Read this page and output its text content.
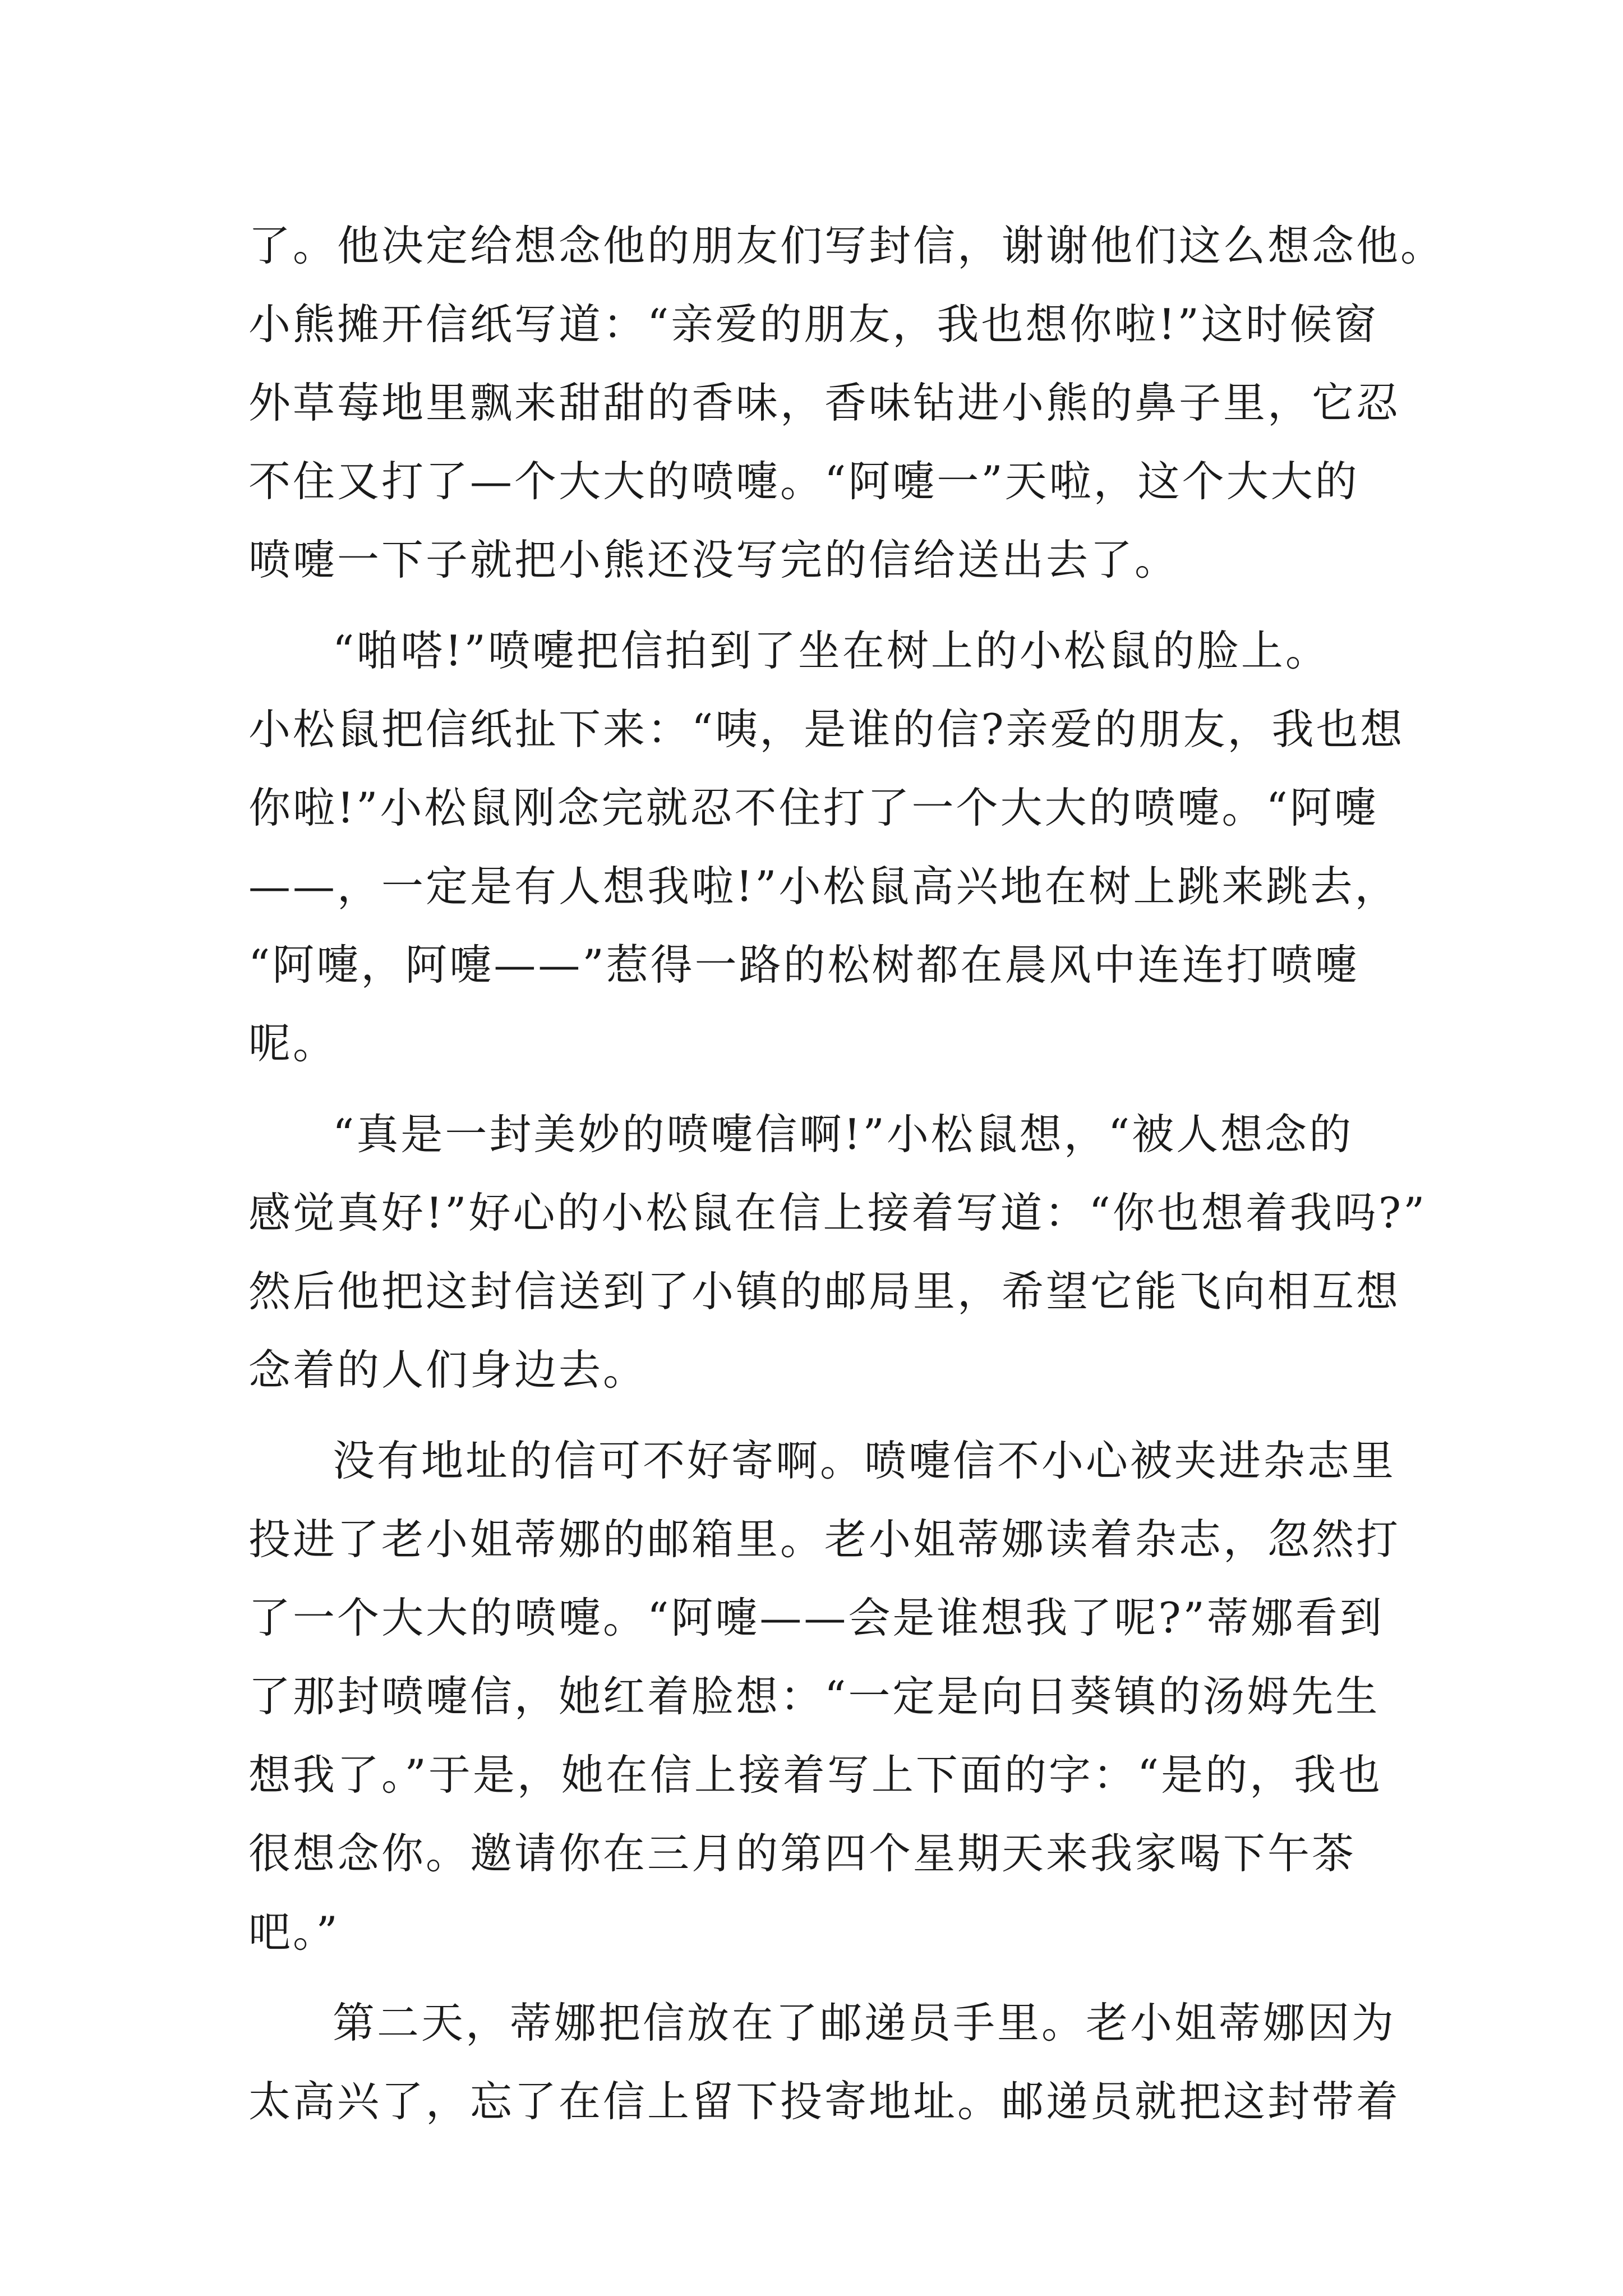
了。他决定给想念他的朋友们写封信，谢谢他们这么想念他。
小熊摊开信纸写道：“亲爱的朋友，我也想你啦!”这时候窗
外草莓地里飘来甜甜的香味，香味钻进小熊的鼻子里，它忍
不住又打了—个大大的喷嚏。“阿嚏一”天啦，这个大大的
喷嚏一下子就把小熊还没写完的信给送出去了。
“啪嗒!”喷嚏把信拍到了坐在树上的小松鼠的脸上。
小松鼠把信纸扯下来：“咦，是谁的信?亲爱的朋友，我也想
你啦!”小松鼠刚念完就忍不住打了一个大大的喷嚏。“阿嚏
——，一定是有人想我啦!”小松鼠高兴地在树上跳来跳去，
“阿嚏，阿嚏——”惹得一路的松树都在晨风中连连打喷嚏
呢。
“真是一封美妙的喷嚏信啊!”小松鼠想，“被人想念的
感觉真好!”好心的小松鼠在信上接着写道：“你也想着我吗?”
然后他把这封信送到了小镇的邮局里，希望它能飞向相互想
念着的人们身边去。
没有地址的信可不好寄啊。喷嚏信不小心被夹进杂志里
投进了老小姐蒂娜的邮箱里。老小姐蒂娜读着杂志，忽然打
了一个大大的喷嚏。“阿嚏——会是谁想我了呢?”蒂娜看到
了那封喷嚏信，她红着脸想：“一定是向日葵镇的汤姆先生
想我了。”于是，她在信上接着写上下面的字：“是的，我也
很想念你。邀请你在三月的第四个星期天来我家喝下午茶
吧。”
第二天，蒂娜把信放在了邮递员手里。老小姐蒂娜因为
太高兴了，忘了在信上留下投寄地址。邮递员就把这封带着
